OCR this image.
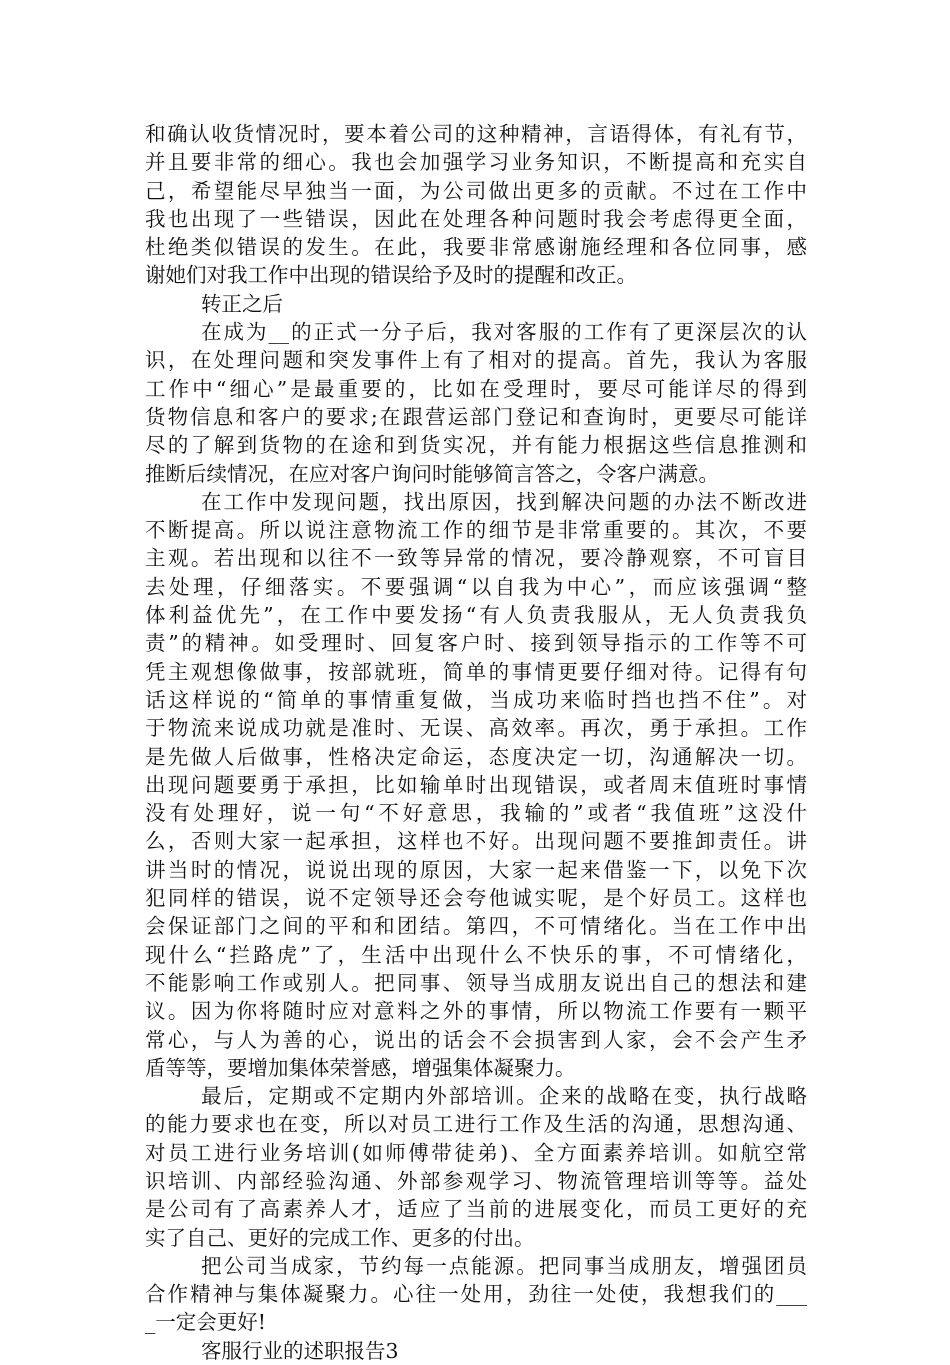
和确认收货情况时，要本着公司的这种精神，言语得体，有礼有节，
并且要非常的细心。我也会加强学习业务知识，不断提高和充实自
己，希望能尽早独当一面，为公司做出更多的贡献。不过在工作中
我也出现了一些错误，因此在处理各种问题时我会考虑得更全面，
杜绝类似错误的发生。在此，我要非常感谢施经理和各位同事，感
谢她们对我工作中出现的错误给予及时的提醒和改正。
转正之后
在成为__的正式一分子后，我对客服的工作有了更深层次的认
识，在处理问题和突发事件上有了相对的提高。首先，我认为客服
工作中“细心”是最重要的，比如在受理时，要尽可能详尽的得到
货物信息和客户的要求;在跟营运部门登记和查询时，更要尽可能详
尽的了解到货物的在途和到货实况，并有能力根据这些信息推测和
推断后续情况，在应对客户询问时能够简言答之，令客户满意。
在工作中发现问题，找出原因，找到解决问题的办法不断改进
不断提高。所以说注意物流工作的细节是非常重要的。其次，不要
主观。若出现和以往不一致等异常的情况，要冷静观察，不可盲目
去处理，仔细落实。不要强调“以自我为中心”，而应该强调“整
体利益优先”，在工作中要发扬“有人负责我服从，无人负责我负
责”的精神。如受理时、回复客户时、接到领导指示的工作等不可
凭主观想像做事，按部就班，简单的事情更要仔细对待。记得有句
话这样说的“简单的事情重复做，当成功来临时挡也挡不住”。对
于物流来说成功就是准时、无误、高效率。再次，勇于承担。工作
是先做人后做事，性格决定命运，态度决定一切，沟通解决一切。
出现问题要勇于承担，比如输单时出现错误，或者周末值班时事情
没有处理好，说一句“不好意思，我输的”或者“我值班”这没什
么，否则大家一起承担，这样也不好。出现问题不要推卸责任。讲
讲当时的情况，说说出现的原因，大家一起来借鉴一下，以免下次
犯同样的错误，说不定领导还会夸他诚实呢，是个好员工。这样也
会保证部门之间的平和和团结。第四，不可情绪化。当在工作中出
现什么“拦路虎”了，生活中出现什么不快乐的事，不可情绪化，
不能影响工作或别人。把同事、领导当成朋友说出自己的想法和建
议。因为你将随时应对意料之外的事情，所以物流工作要有一颗平
常心，与人为善的心，说出的话会不会损害到人家，会不会产生矛
盾等等，要增加集体荣誉感，增强集体凝聚力。
最后，定期或不定期内外部培训。企来的战略在变，执行战略
的能力要求也在变，所以对员工进行工作及生活的沟通，思想沟通、
对员工进行业务培训(如师傅带徒弟)、全方面素养培训。如航空常
识培训、内部经验沟通、外部参观学习、物流管理培训等等。益处
是公司有了高素养人才，适应了当前的进展变化，而员工更好的充
实了自己、更好的完成工作、更多的付出。
把公司当成家，节约每一点能源。把同事当成朋友，增强团员
合作精神与集体凝聚力。心往一处用，劲往一处使，我想我们的___
_一定会更好!
客服行业的述职报告3
